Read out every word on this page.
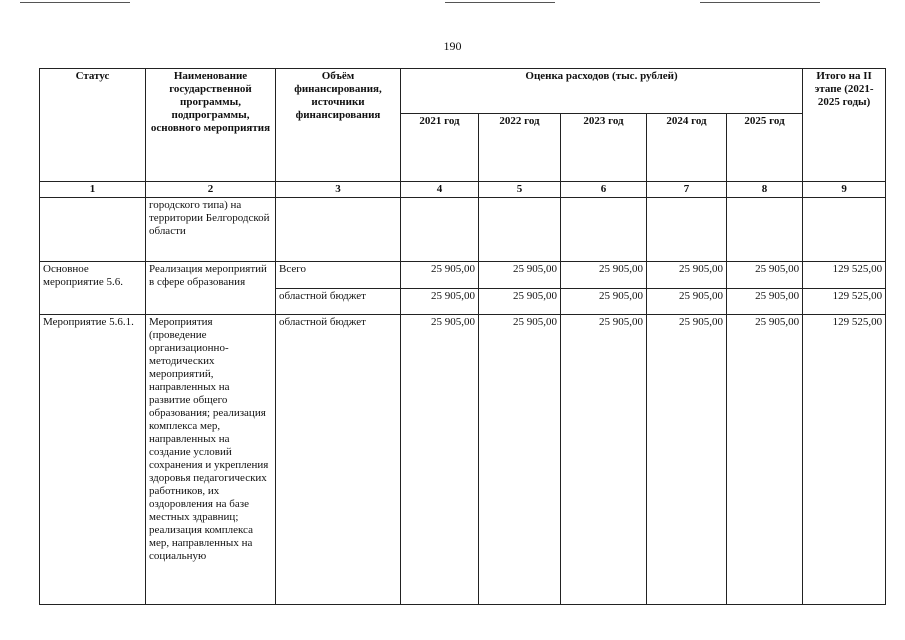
190
Статус	Наименование государственной программы, подпрограммы, основного мероприятия	Объём финансирования, источники финансирования	Оценка расходов (тыс. рублей)					Итого на II этапе (2021-2025 годы)
			2021 год	2022 год	2023 год	2024 год	2025 год	
1	2	3	4	5	6	7	8	9
	городского типа) на территории Белгородской области							
Основное мероприятие 5.6.	Реализация мероприятий в сфере образования	Всего	25 905,00	25 905,00	25 905,00	25 905,00	25 905,00	129 525,00
		областной бюджет	25 905,00	25 905,00	25 905,00	25 905,00	25 905,00	129 525,00
Мероприятие 5.6.1.	Мероприятия (проведение организационно-методических мероприятий, направленных на развитие общего образования; реализация комплекса мер, направленных на создание условий сохранения и укрепления здоровья педагогических работников, их оздоровления на базе местных здравниц; реализация комплекса мер, направленных на социальную	областной бюджет	25 905,00	25 905,00	25 905,00	25 905,00	25 905,00	129 525,00
